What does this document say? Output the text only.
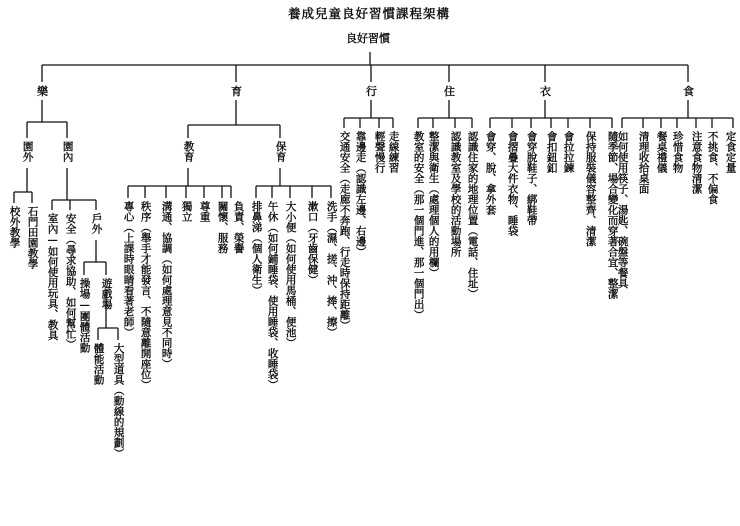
養成兒童良好習慣課程架構
良好習慣
樂	育	行	住	衣	食
園外	園內
校外教學 石門田園教學 室內—如何使用玩具、教具 安全（尋求協助、如何幫忙） 戶外
操場—團體活動 遊戲場
體能活動 大型道具（動線的規劃）
教育	保育
專心（上課時眼睛看著老師） 秩序（舉手才能發言、不隨意離開座位） 溝通、協調（如何處理意見不同時） 獨立 尊重 關懷、服務 負責、榮譽 排鼻涕（個人衛生） 午休（如何鋪睡袋、使用睡袋、收睡袋） 大小便（如何使用馬桶、便池） 漱口（牙齒保健） 洗手（濕、搓、沖、捧、擦） 交通安全（走廊不奔跑、行走時保持距離） 靠邊走（認識左邊、右邊） 輕聲慢行 走線練習 教室的安全（那一個門進、那一個門出） 整潔與衛生（處理個人的用欄） 認識教室及學校的活動場所 認識住家的地理位置（電話、住址） 會穿、脫、拿外套 會摺疊大件衣物、睡袋 會穿脫鞋子、綁鞋帶 會扣鈕釦 會拉拉鍊 保持服裝儀容整齊、清潔 隨季節、場合變化而穿著合宜、整潔
如何使用筷子、湯匙、碗盤等餐具 清理收拾桌面 餐桌禮儀 珍惜食物 注意食物清潔 不挑食、不偏食 定食定量
